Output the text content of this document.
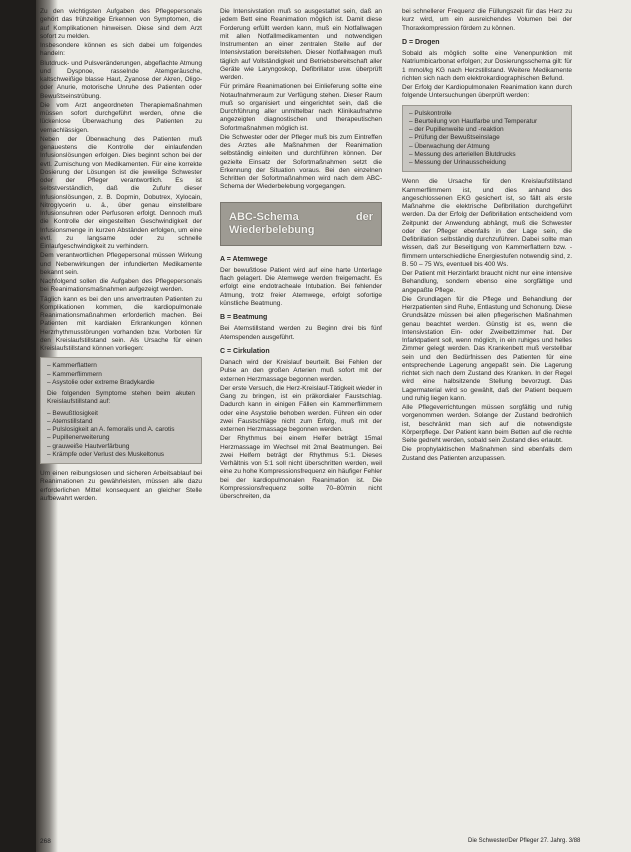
Zu den wichtigsten Aufgaben des Pflegepersonals gehört das frühzeitige Erkennen von Symptomen, die auf Komplikationen hinweisen. Diese sind dem Arzt sofort zu melden.

Insbesondere können es sich dabei um folgendes handeln:

Blutdruck- und Pulsveränderungen, abgeflachte Atmung und Dyspnoe, rasselnde Atemgeräusche, kaltschweißige blasse Haut, Zyanose der Akren, Oligo- oder Anurie, motorische Unruhe des Patienten oder Bewußtseinstrübung.

Die vom Arzt angeordneten Therapiemaßnahmen müssen sofort durchgeführt werden, ohne die lückenlose Überwachung des Patienten zu vernachlässigen.

Neben der Überwachung des Patienten muß genauestens die Kontrolle der einlaufenden Infusionslösungen erfolgen. Dies beginnt schon bei der evtl. Zumischung von Medikamenten. Für eine korrekte Dosierung der Lösungen ist die jeweilige Schwester oder der Pfleger verantwortlich. Es ist selbstverständlich, daß die Zufuhr dieser Infusionslösungen, z. B. Dopmin, Dobutrex, Xylocain, Nitroglycerin u. ä., über genau einstellbare Infusionsuhren oder Perfusoren erfolgt. Dennoch muß die Kontrolle der eingestellten Geschwindigkeit der Infusionsmenge in kurzen Abständen erfolgen, um eine evtl. zu langsame oder zu schnelle Einlaufgeschwindigkeit zu verhindern.

Dem verantwortlichen Pflegepersonal müssen Wirkung und Nebenwirkungen der infundierten Medikamente bekannt sein.

Nachfolgend sollen die Aufgaben des Pflegepersonals bei Reanimationsmaßnahmen aufgezeigt werden.

Täglich kann es bei den uns anvertrauten Patienten zu Komplikationen kommen, die kardiopulmonale Reanimationsmaßnahmen erforderlich machen. Bei Patienten mit kardialen Erkrankungen können Herzrhythmusstörungen vorhanden bzw. Vorboten für den Kreislaufstillstand sein. Als Ursache für einen Kreislaufstillstand können vorliegen:

– Kammerflattern
– Kammerflimmern
– Asystolie oder extreme Bradykardie

Die folgenden Symptome stehen beim akuten Kreislaufstillstand auf:

– Bewußtlosigkeit
– Atemstillstand
– Pulslosigkeit an A. femoralis und A. carotis
– Pupillenerweiterung
– grauweiße Hautverfärbung
– Krämpfe oder Verlust des Muskeltonus

Um einen reibungslosen und sicheren Arbeitsablauf bei Reanimationen zu gewährleisten, müssen alle dazu erforderlichen Mittel konsequent an gleicher Stelle aufbewahrt werden.

Die Intensivstation muß so ausgestattet sein, daß an jedem Bett eine Reanimation möglich ist. Damit diese Forderung erfüllt werden kann, muß ein Notfallwagen mit allen Notfallmedikamenten und notwendigen Instrumenten an einer zentralen Stelle auf der Intensivstation bereitstehen. Dieser Notfallwagen muß täglich auf Vollständigkeit und Betriebsbereitschaft aller Geräte wie Laryngoskop, Defibrillator usw. überprüft werden.

Für primäre Reanimationen bei Einlieferung sollte eine Notaufnahmeraum zur Verfügung stehen. Dieser Raum muß so organisiert und eingerichtet sein, daß die Durchführung aller unmittelbar nach Klinikaufnahme angezeigten diagnostischen und therapeutischen Sofortmaßnahmen möglich ist.

Die Schwester oder der Pfleger muß bis zum Eintreffen des Arztes alle Maßnahmen der Reanimation selbständig einleiten und durchführen können. Der gezielte Einsatz der Sofortmaßnahmen setzt die Erkennung der Situation voraus. Bei den einzelnen Schritten der Sofortmaßnahmen wird nach dem ABC-Schema der Wiederbelebung vorgegangen.

ABC-Schema der Wiederbelebung
A = Atemwege

Der bewußtlose Patient wird auf eine harte Unterlage flach gelagert. Die Atemwege werden freigemacht. Es erfolgt eine endotracheale Intubation. Bei fehlender Atmung, trotz freier Atemwege, erfolgt sofortige künstliche Beatmung.

B = Beatmung

Bei Atemstillstand werden zu Beginn drei bis fünf Atemspenden ausgeführt.

C = Cirkulation

Danach wird der Kreislauf beurteilt. Bei Fehlen der Pulse an den großen Arterien muß sofort mit der externen Herzmassage begonnen werden.

Der erste Versuch, die Herz-Kreislauf-Tätigkeit wieder in Gang zu bringen, ist ein präkordialer Faustschlag. Dadurch kann in einigen Fällen ein Kammerflimmern oder eine Asystolie behoben werden. Führen ein oder zwei Faustschläge nicht zum Erfolg, muß mit der externen Herzmassage begonnen werden.

Der Rhythmus bei einem Helfer beträgt 15mal Herzmassage im Wechsel mit 2mal Beatmungen. Bei zwei Helfern beträgt der Rhythmus 5:1. Dieses Verhältnis von 5:1 soll nicht überschritten werden, weil eine zu hohe Kompressionsfrequenz ein häufiger Fehler bei der kardiopulmonalen Reanimation ist. Die Kompressionsfrequenz sollte 70–80/min nicht überschreiten, da

bei schnellerer Frequenz die Füllungszeit für das Herz zu kurz wird, um ein ausreichendes Volumen bei der Thoraxkompression fördern zu können.

D = Drogen

Sobald als möglich sollte eine Venenpunktion mit Natriumbicarbonat erfolgen; zur Dosierungsschema gilt: für 1 mmol/kg KG nach Herzstillstand. Weitere Medikamente richten sich nach dem elektrokardiographischen Befund.

Der Erfolg der Kardiopulmonalen Reanimation kann durch folgende Untersuchungen überprüft werden:

– Pulskontrolle
– Beurteilung von Hautfarbe und Temperatur
– der Pupillenweite und -reaktion
– Prüfung der Bewußtseinslage
– Überwachung der Atmung
– Messung des arteriellen Blutdrucks
– Messung der Urinausscheidung

Wenn die Ursache für den Kreislaufstillstand Kammerflimmern ist, und dies anhand des angeschlossenen EKG gesichert ist, so fällt als erste Maßnahme die elektrische Defibrillation durchgeführt werden. Da der Erfolg der Defibrillation entscheidend vom Zeitpunkt der Anwendung abhängt, muß die Schwester oder der Pfleger ebenfalls in der Lage sein, die Defibrillation selbständig durchzuführen. Dabei sollte man wissen, daß zur Beseitigung von Kammerflattern bzw. -flimmern unterschiedliche Energiestufen notwendig sind, z. B. 50 – 75 Ws, eventuell bis 400 Ws.

Der Patient mit Herzinfarkt braucht nicht nur eine intensive Behandlung, sondern ebenso eine sorgfältige und angepaßte Pflege.

Die Grundlagen für die Pflege und Behandlung der Herzpatienten sind Ruhe, Entlastung und Schonung. Diese Grundsätze müssen bei allen pflegerischen Maßnahmen genau beachtet werden. Günstig ist es, wenn die Intensivstation Ein- oder Zweibettzimmer hat. Der Infarktpatient soll, wenn möglich, in ein ruhiges und helles Zimmer gelegt werden. Das Krankenbett muß verstellbar sein und den Bedürfnissen des Patienten für eine entsprechende Lagerung angepaßt sein. Die Lagerung richtet sich nach dem Zustand des Kranken. In der Regel wird eine halbsitzende Stellung bevorzugt. Das Lagermaterial wird so gewählt, daß der Patient bequem und ruhig liegen kann.

Alle Pflegeverrichtungen müssen sorgfältig und ruhig vorgenommen werden. Solange der Zustand bedrohlich ist, beschränkt man sich auf die notwendigste Körperpflege. Der Patient kann beim Betten auf die rechte Seite gedreht werden, sobald sein Zustand dies erlaubt.

Die prophylaktischen Maßnahmen sind ebenfalls dem Zustand des Patienten anzupassen.

268	Die Schwester/Der Pfleger 27. Jahrg. 3/88
